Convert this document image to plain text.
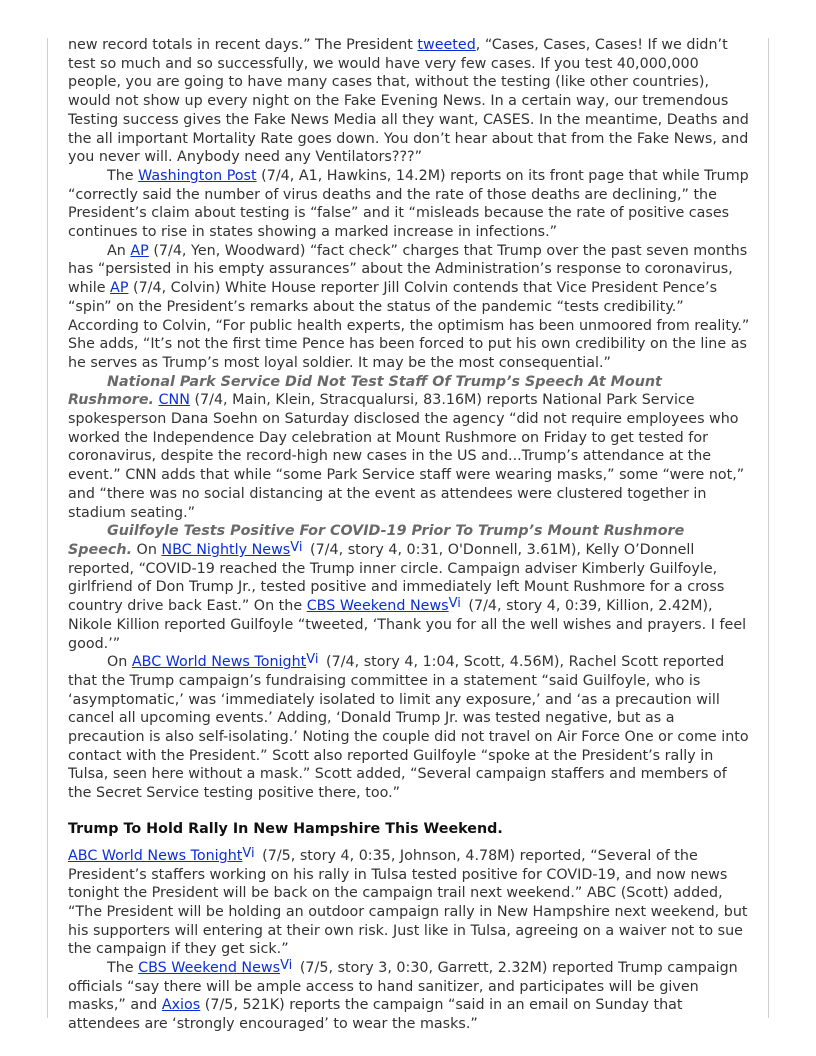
new record totals in recent days.” The President tweeted, “Cases, Cases, Cases! If we didn’t test so much and so successfully, we would have very few cases. If you test 40,000,000 people, you are going to have many cases that, without the testing (like other countries), would not show up every night on the Fake Evening News. In a certain way, our tremendous Testing success gives the Fake News Media all they want, CASES. In the meantime, Deaths and the all important Mortality Rate goes down. You don’t hear about that from the Fake News, and you never will. Anybody need any Ventilators???”

The Washington Post (7/4, A1, Hawkins, 14.2M) reports on its front page that while Trump “correctly said the number of virus deaths and the rate of those deaths are declining,” the President’s claim about testing is “false” and it “misleads because the rate of positive cases continues to rise in states showing a marked increase in infections.”

An AP (7/4, Yen, Woodward) “fact check” charges that Trump over the past seven months has “persisted in his empty assurances” about the Administration’s response to coronavirus, while AP (7/4, Colvin) White House reporter Jill Colvin contends that Vice President Pence’s “spin” on the President’s remarks about the status of the pandemic “tests credibility.” According to Colvin, “For public health experts, the optimism has been unmoored from reality.” She adds, “It’s not the first time Pence has been forced to put his own credibility on the line as he serves as Trump’s most loyal soldier. It may be the most consequential.”

National Park Service Did Not Test Staff Of Trump’s Speech At Mount Rushmore. CNN (7/4, Main, Klein, Stracqualursi, 83.16M) reports National Park Service spokesperson Dana Soehn on Saturday disclosed the agency “did not require employees who worked the Independence Day celebration at Mount Rushmore on Friday to get tested for coronavirus, despite the record-high new cases in the US and...Trump’s attendance at the event.” CNN adds that while “some Park Service staff were wearing masks,” some “were not,” and “there was no social distancing at the event as attendees were clustered together in stadium seating.”

Guilfoyle Tests Positive For COVID-19 Prior To Trump’s Mount Rushmore Speech. On NBC Nightly News$^{Vi}$ (7/4, story 4, 0:31, O'Donnell, 3.61M), Kelly O’Donnell reported, “COVID-19 reached the Trump inner circle. Campaign adviser Kimberly Guilfoyle, girlfriend of Don Trump Jr., tested positive and immediately left Mount Rushmore for a cross country drive back East.” On the CBS Weekend News$^{Vi}$ (7/4, story 4, 0:39, Killion, 2.42M), Nikole Killion reported Guilfoyle “tweeted, ‘Thank you for all the well wishes and prayers. I feel good.’”

On ABC World News Tonight$^{Vi}$ (7/4, story 4, 1:04, Scott, 4.56M), Rachel Scott reported that the Trump campaign’s fundraising committee in a statement “said Guilfoyle, who is ‘asymptomatic,’ was ‘immediately isolated to limit any exposure,’ and ‘as a precaution will cancel all upcoming events.’ Adding, ‘Donald Trump Jr. was tested negative, but as a precaution is also self-isolating.’ Noting the couple did not travel on Air Force One or come into contact with the President.” Scott also reported Guilfoyle “spoke at the President’s rally in Tulsa, seen here without a mask.” Scott added, “Several campaign staffers and members of the Secret Service testing positive there, too.”

Trump To Hold Rally In New Hampshire This Weekend.

ABC World News Tonight$^{Vi}$ (7/5, story 4, 0:35, Johnson, 4.78M) reported, “Several of the President’s staffers working on his rally in Tulsa tested positive for COVID-19, and now news tonight the President will be back on the campaign trail next weekend.” ABC (Scott) added, “The President will be holding an outdoor campaign rally in New Hampshire next weekend, but his supporters will entering at their own risk. Just like in Tulsa, agreeing on a waiver not to sue the campaign if they get sick.”

The CBS Weekend News$^{Vi}$ (7/5, story 3, 0:30, Garrett, 2.32M) reported Trump campaign officials “say there will be ample access to hand sanitizer, and participates will be given masks,” and Axios (7/5, 521K) reports the campaign “said in an email on Sunday that attendees are ‘strongly encouraged’ to wear the masks.”
